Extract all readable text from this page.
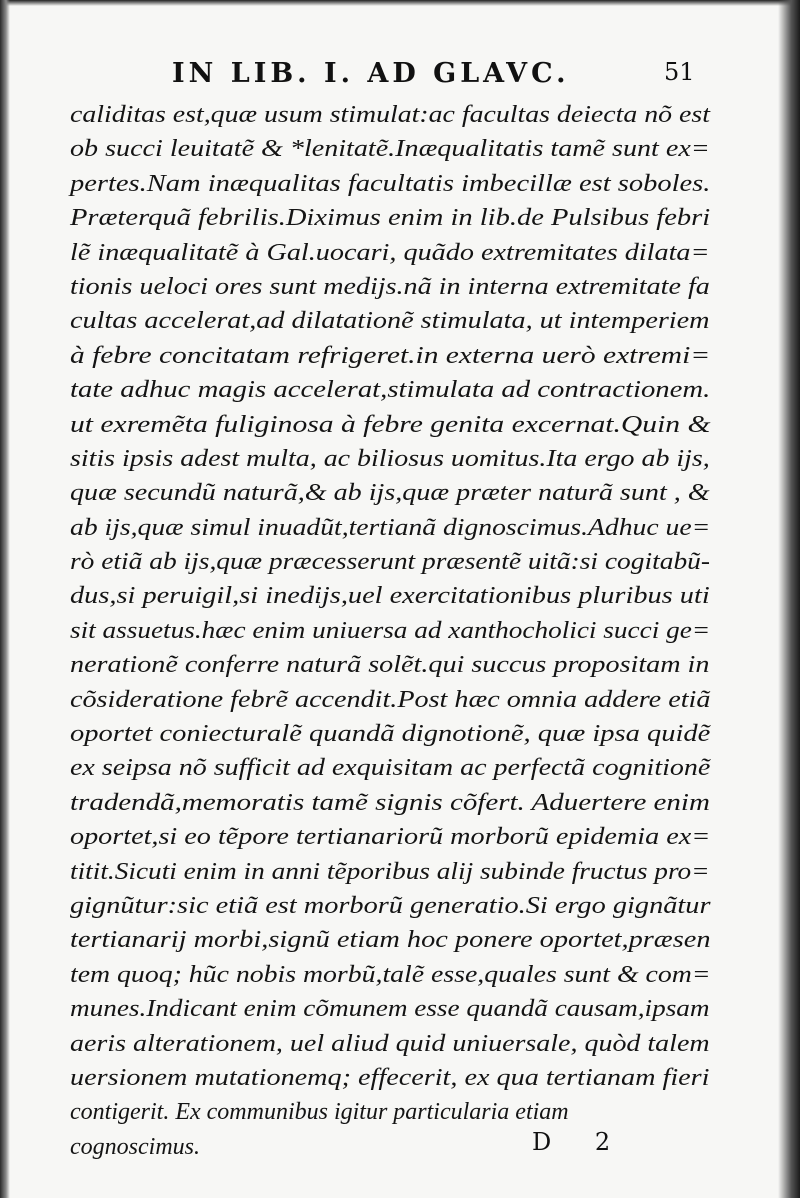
IN LIB. I. AD GLAVC.	51
caliditas est,quæ usum stimulat:ac facultas deiecta nõ est
ob succi leuitatẽ & *lenitatẽ.Inæqualitatis tamẽ sunt ex=
pertes.Nam inæqualitas facultatis imbecillæ est soboles.
Præterquã febrilis.Diximus enim in lib.de Pulsibus febri
lẽ inæqualitatẽ à Gal.uocari, quãdo extremitates dilata=
tionis ueloci ores sunt medijs.nã in interna extremitate fa
cultas accelerat,ad dilatationẽ stimulata, ut intemperiem
à febre concitatam refrigeret.in externa uerò extremi=
tate adhuc magis accelerat,stimulata ad contractionem.
ut exremẽta fuliginosa à febre genita excernat.Quin &
sitis ipsis adest multa, ac biliosus uomitus.Ita ergo ab ijs,
quæ secundũ naturã,& ab ijs,quæ præter naturã sunt , &
ab ijs,quæ simul inuadũt,tertianã dignoscimus.Adhuc ue=
rò etiã ab ijs,quæ præcesserunt præsentẽ uitã:si cogitabũ-
dus,si peruigil,si inedijs,uel exercitationibus pluribus uti
sit assuetus.hæc enim uniuersa ad xanthocholici succi ge=
nerationẽ conferre naturã solẽt.qui succus propositam in
cõsideratione febrẽ accendit.Post hæc omnia addere etiã
oportet coniecturalẽ quandã dignotionẽ, quæ ipsa quidẽ
ex seipsa nõ sufficit ad exquisitam ac perfectã cognitionẽ
tradendã,memoratis tamẽ signis cõfert. Aduertere enim
oportet,si eo tẽpore tertianariorũ morborũ epidemia ex=
titit.Sicuti enim in anni tẽporibus alij subinde fructus pro=
gignũtur:sic etiã est morborũ generatio.Si ergo gignãtur
tertianarij morbi,signũ etiam hoc ponere oportet,præsen
tem quoq; hũc nobis morbũ,talẽ esse,quales sunt & com=
munes.Indicant enim cõmunem esse quandã causam,ipsam
aeris alterationem, uel aliud quid uniuersale, quòd talem
uersionem mutationemq; effecerit, ex qua tertianam fieri
contigerit. Ex communibus igitur particularia etiam
cognoscimus.	D 2
